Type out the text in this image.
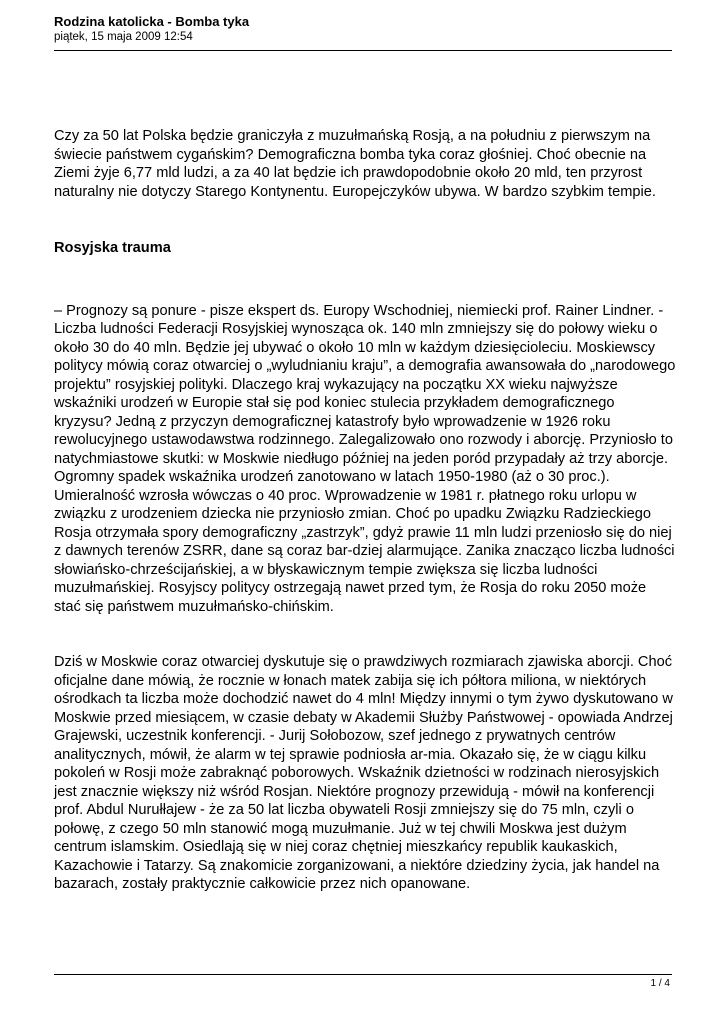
Rodzina katolicka - Bomba tyka
piątek, 15 maja 2009 12:54

Czy za 50 lat Polska będzie graniczyła z muzułmańską Rosją, a na południu z pierwszym na świecie państwem cygańskim? Demograficzna bomba tyka coraz głośniej. Choć obecnie na Ziemi żyje 6,77 mld ludzi, a za 40 lat będzie ich prawdopodobnie około 20 mld, ten przyrost naturalny nie dotyczy Starego Kontynentu. Europejczyków ubywa. W bardzo szybkim tempie.

Rosyjska trauma

– Prognozy są ponure - pisze ekspert ds. Europy Wschodniej, niemiecki prof. Rainer Lindner. - Liczba ludności Federacji Rosyjskiej wynosząca ok. 140 mln zmniejszy się do połowy wieku o około 30 do 40 mln. Będzie jej ubywać o około 10 mln w każdym dziesięcioleciu. Moskiewscy politycy mówią coraz otwarciej o „wyludnianiu kraju”, a demografia awansowała do „narodowego projektu” rosyjskiej polityki. Dlaczego kraj wykazujący na początku XX wieku najwyższe wskaźniki urodzeń w Europie stał się pod koniec stulecia przykładem demograficznego kryzysu? Jedną z przyczyn demograficznej katastrofy było wprowadzenie w 1926 roku rewolucyjnego ustawodawstwa rodzinnego. Zalegalizowało ono rozwody i aborcję. Przyniosło to natychmiastowe skutki: w Moskwie niedługo później na jeden poród przypadały aż trzy aborcje. Ogromny spadek wskaźnika urodzeń zanotowano w latach 1950-1980 (aż o 30 proc.). Umieralność wzrosła wówczas o 40 proc. Wprowadzenie w 1981 r. płatnego roku urlopu w związku z urodzeniem dziecka nie przyniosło zmian. Choć po upadku Związku Radzieckiego Rosja otrzymała spory demograficzny „zastrzyk”, gdyż prawie 11 mln ludzi przeniosło się do niej z dawnych terenów ZSRR, dane są coraz bar-dziej alarmujące. Zanika znacząco liczba ludności słowiańsko-chrześcijańskiej, a w błyskawicznym tempie zwiększa się liczba ludności muzułmańskiej. Rosyjscy politycy ostrzegają nawet przed tym, że Rosja do roku 2050 może stać się państwem muzułmańsko-chińskim.

Dziś w Moskwie coraz otwarciej dyskutuje się o prawdziwych rozmiarach zjawiska aborcji. Choć oficjalne dane mówią, że rocznie w łonach matek zabija się ich półtora miliona, w niektórych ośrodkach ta liczba może dochodzić nawet do 4 mln! Między innymi o tym żywo dyskutowano w Moskwie przed miesiącem, w czasie debaty w Akademii Służby Państwowej - opowiada Andrzej Grajewski, uczestnik konferencji. - Jurij Sołobozow, szef jednego z prywatnych centrów analitycznych, mówił, że alarm w tej sprawie podniosła ar-mia. Okazało się, że w ciągu kilku pokoleń w Rosji może zabraknąć poborowych. Wskaźnik dzietności w rodzinach nierosyjskich jest znacznie większy niż wśród Rosjan. Niektóre prognozy przewidują - mówił na konferencji prof. Abdul Nurułłajew - że za 50 lat liczba obywateli Rosji zmniejszy się do 75 mln, czyli o połowę, z czego 50 mln stanowić mogą muzułmanie. Już w tej chwili Moskwa jest dużym centrum islamskim. Osiedlają się w niej coraz chętniej mieszkańcy republik kaukaskich, Kazachowie i Tatarzy. Są znakomicie zorganizowani, a niektóre dziedziny życia, jak handel na bazarach, zostały praktycznie całkowicie przez nich opanowane.

1 / 4
